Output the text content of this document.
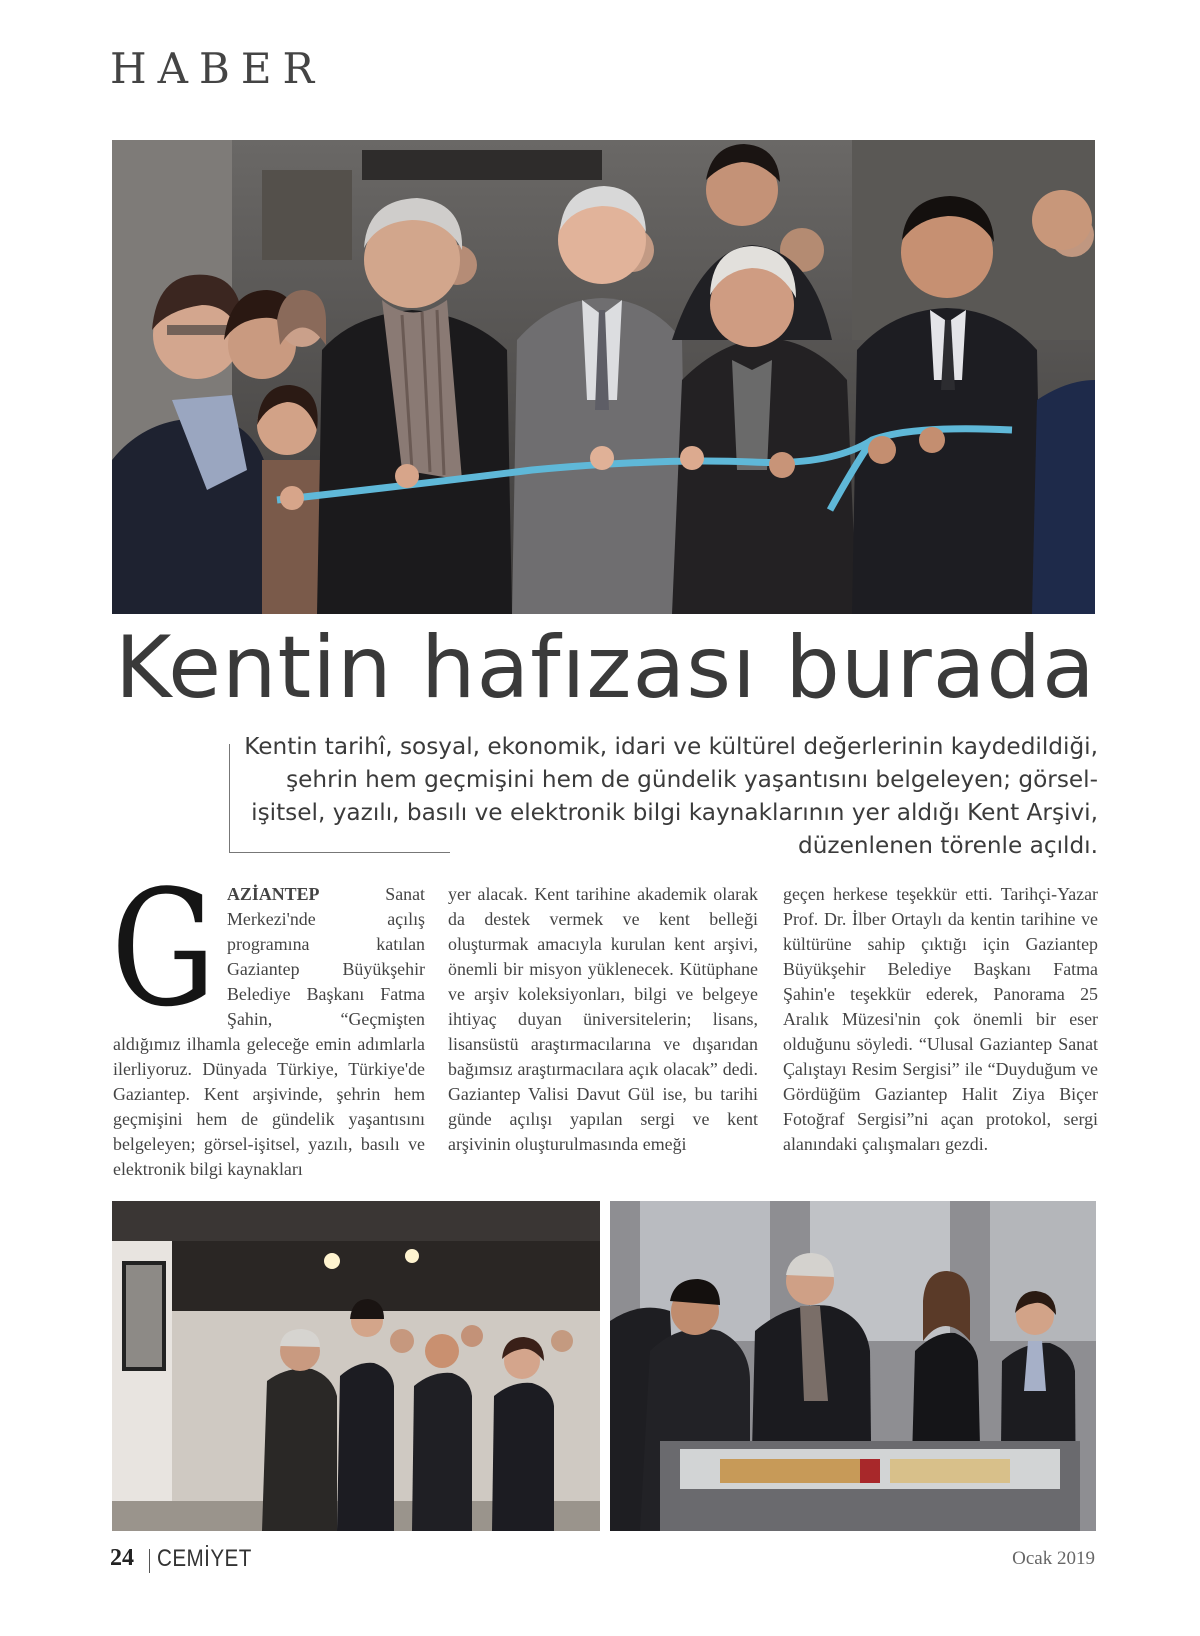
HABER
Kentin hafızası burada

Kentin tarihî, sosyal, ekonomik, idari ve kültürel değerlerinin kaydedildiği, şehrin hem geçmişini hem de gündelik yaşantısını belgeleyen; görsel-işitsel, yazılı, basılı ve elektronik bilgi kaynaklarının yer aldığı Kent Arşivi, düzenlenen törenle açıldı.

GAZİANTEP Sanat Merkezi'nde açılış programına katılan Gaziantep Büyükşehir Belediye Başkanı Fatma Şahin, “Geçmişten aldığımız ilhamla geleceğe emin adımlarla ilerliyoruz. Dünyada Türkiye, Türkiye'de Gaziantep. Kent arşivinde, şehrin hem geçmişini hem de gündelik yaşantısını belgeleyen; görsel-işitsel, yazılı, basılı ve elektronik bilgi kaynakları

yer alacak. Kent tarihine akademik olarak da destek vermek ve kent belleği oluşturmak amacıyla kurulan kent arşivi, önemli bir misyon yüklenecek. Kütüphane ve arşiv koleksiyonları, bilgi ve belgeye ihtiyaç duyan üniversitelerin; lisans, lisansüstü araştırmacılarına ve dışarıdan bağımsız araştırmacılara açık olacak” dedi. Gaziantep Valisi Davut Gül ise, bu tarihi günde açılışı yapılan sergi ve kent arşivinin oluşturulmasında emeği

geçen herkese teşekkür etti. Tarihçi-Yazar Prof. Dr. İlber Ortaylı da kentin tarihine ve kültürüne sahip çıktığı için Gaziantep Büyükşehir Belediye Başkanı Fatma Şahin'e teşekkür ederek, Panorama 25 Aralık Müzesi'nin çok önemli bir eser olduğunu söyledi. “Ulusal Gaziantep Sanat Çalıştayı Resim Sergisi” ile “Duyduğum ve Gördüğüm Gaziantep Halit Ziya Biçer Fotoğraf Sergisi”ni açan protokol, sergi alanındaki çalışmaları gezdi.

24 CEMİYET	Ocak 2019
